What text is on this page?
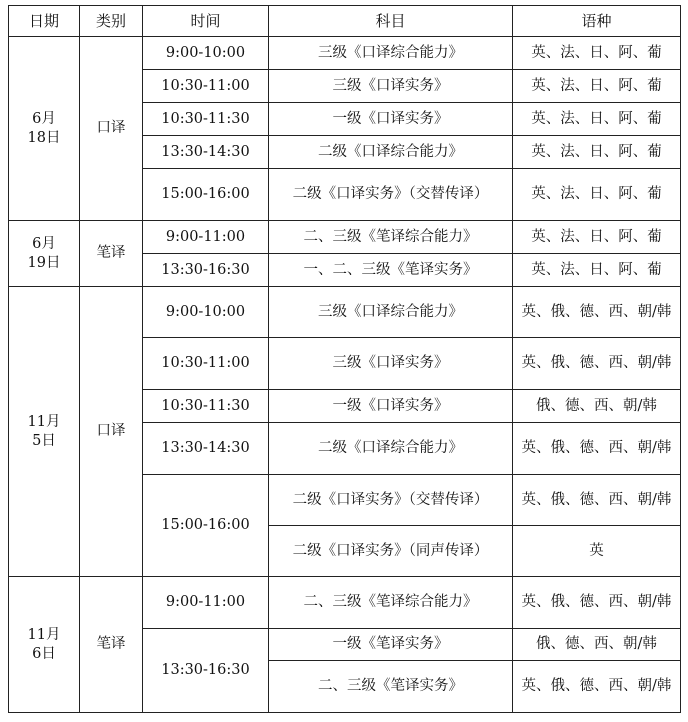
日期	类别	时间	科目	语种

6月
18日	口译	9:00-10:00	三级《口译综合能力》	英、法、日、阿、葡
		10:30-11:00	三级《口译实务》	英、法、日、阿、葡
		10:30-11:30	一级《口译实务》	英、法、日、阿、葡
		13:30-14:30	二级《口译综合能力》	英、法、日、阿、葡
		15:00-16:00	二级《口译实务》（交替传译）	英、法、日、阿、葡

6月
19日	笔译	9:00-11:00	二、三级《笔译综合能力》	英、法、日、阿、葡
		13:30-16:30	一、二、三级《笔译实务》	英、法、日、阿、葡

11月
5日	口译	9:00-10:00	三级《口译综合能力》	英、俄、德、西、朝/韩
		10:30-11:00	三级《口译实务》	英、俄、德、西、朝/韩
		10:30-11:30	一级《口译实务》	俄、德、西、朝/韩
		13:30-14:30	二级《口译综合能力》	英、俄、德、西、朝/韩
		15:00-16:00	二级《口译实务》（交替传译）	英、俄、德、西、朝/韩
			二级《口译实务》（同声传译）	英

11月
6日	笔译	9:00-11:00	二、三级《笔译综合能力》	英、俄、德、西、朝/韩
		13:30-16:30	一级《笔译实务》	俄、德、西、朝/韩
			二、三级《笔译实务》	英、俄、德、西、朝/韩
